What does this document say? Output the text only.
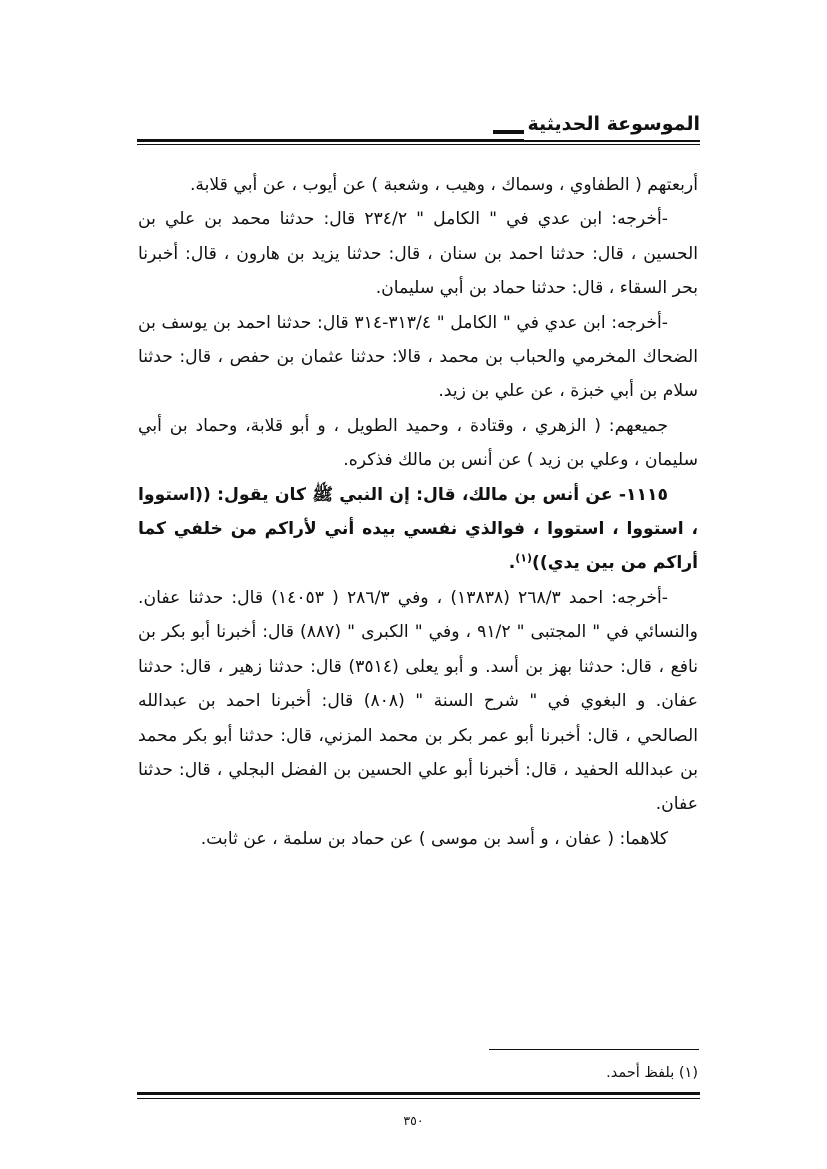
الموسوعة الحديثية

أربعتهم ( الطفاوي ، وسماك ، وهيب ، وشعبة ) عن أيوب ، عن أبي قلابة.

-أخرجه: ابن عدي في " الكامل " ٢٣٤/٢ قال: حدثنا محمد بن علي بن الحسين ، قال: حدثنا احمد بن سنان ، قال: حدثنا يزيد بن هارون ، قال: أخبرنا بحر السقاء ، قال: حدثنا حماد بن أبي سليمان.

-أخرجه: ابن عدي في " الكامل " ٣١٣/٤-٣١٤ قال: حدثنا احمد بن يوسف بن الضحاك المخرمي والحباب بن محمد ، قالا: حدثنا عثمان بن حفص ، قال: حدثنا سلام بن أبي خبزة ، عن علي بن زيد.

جميعهم: ( الزهري ، وقتادة ، وحميد الطويل ، و أبو قلابة، وحماد بن أبي سليمان ، وعلي بن زيد ) عن أنس بن مالك فذكره.

١١١٥- عن أنس بن مالك، قال: إن النبي ﷺ كان يقول: ((استووا ، استووا ، استووا ، فوالذي نفسي بيده أني لأراكم من خلفي كما أراكم من بين يدي))$^{(١)}$.

-أخرجه: احمد ٢٦٨/٣ (١٣٨٣٨) ، وفي ٢٨٦/٣ ( ١٤٠٥٣) قال: حدثنا عفان. والنسائي في " المجتبى " ٩١/٢ ، وفي " الكبرى " (٨٨٧) قال: أخبرنا أبو بكر بن نافع ، قال: حدثنا بهز بن أسد. و أبو يعلى (٣٥١٤) قال: حدثنا زهير ، قال: حدثنا عفان. و البغوي في " شرح السنة " (٨٠٨) قال: أخبرنا احمد بن عبدالله الصالحي ، قال: أخبرنا أبو عمر بكر بن محمد المزني، قال: حدثنا أبو بكر محمد بن عبدالله الحفيد ، قال: أخبرنا أبو علي الحسين بن الفضل البجلي ، قال: حدثنا عفان.

كلاهما: ( عفان ، و أسد بن موسى ) عن حماد بن سلمة ، عن ثابت.

(١) بلفظ أحمد.
٣٥٠
